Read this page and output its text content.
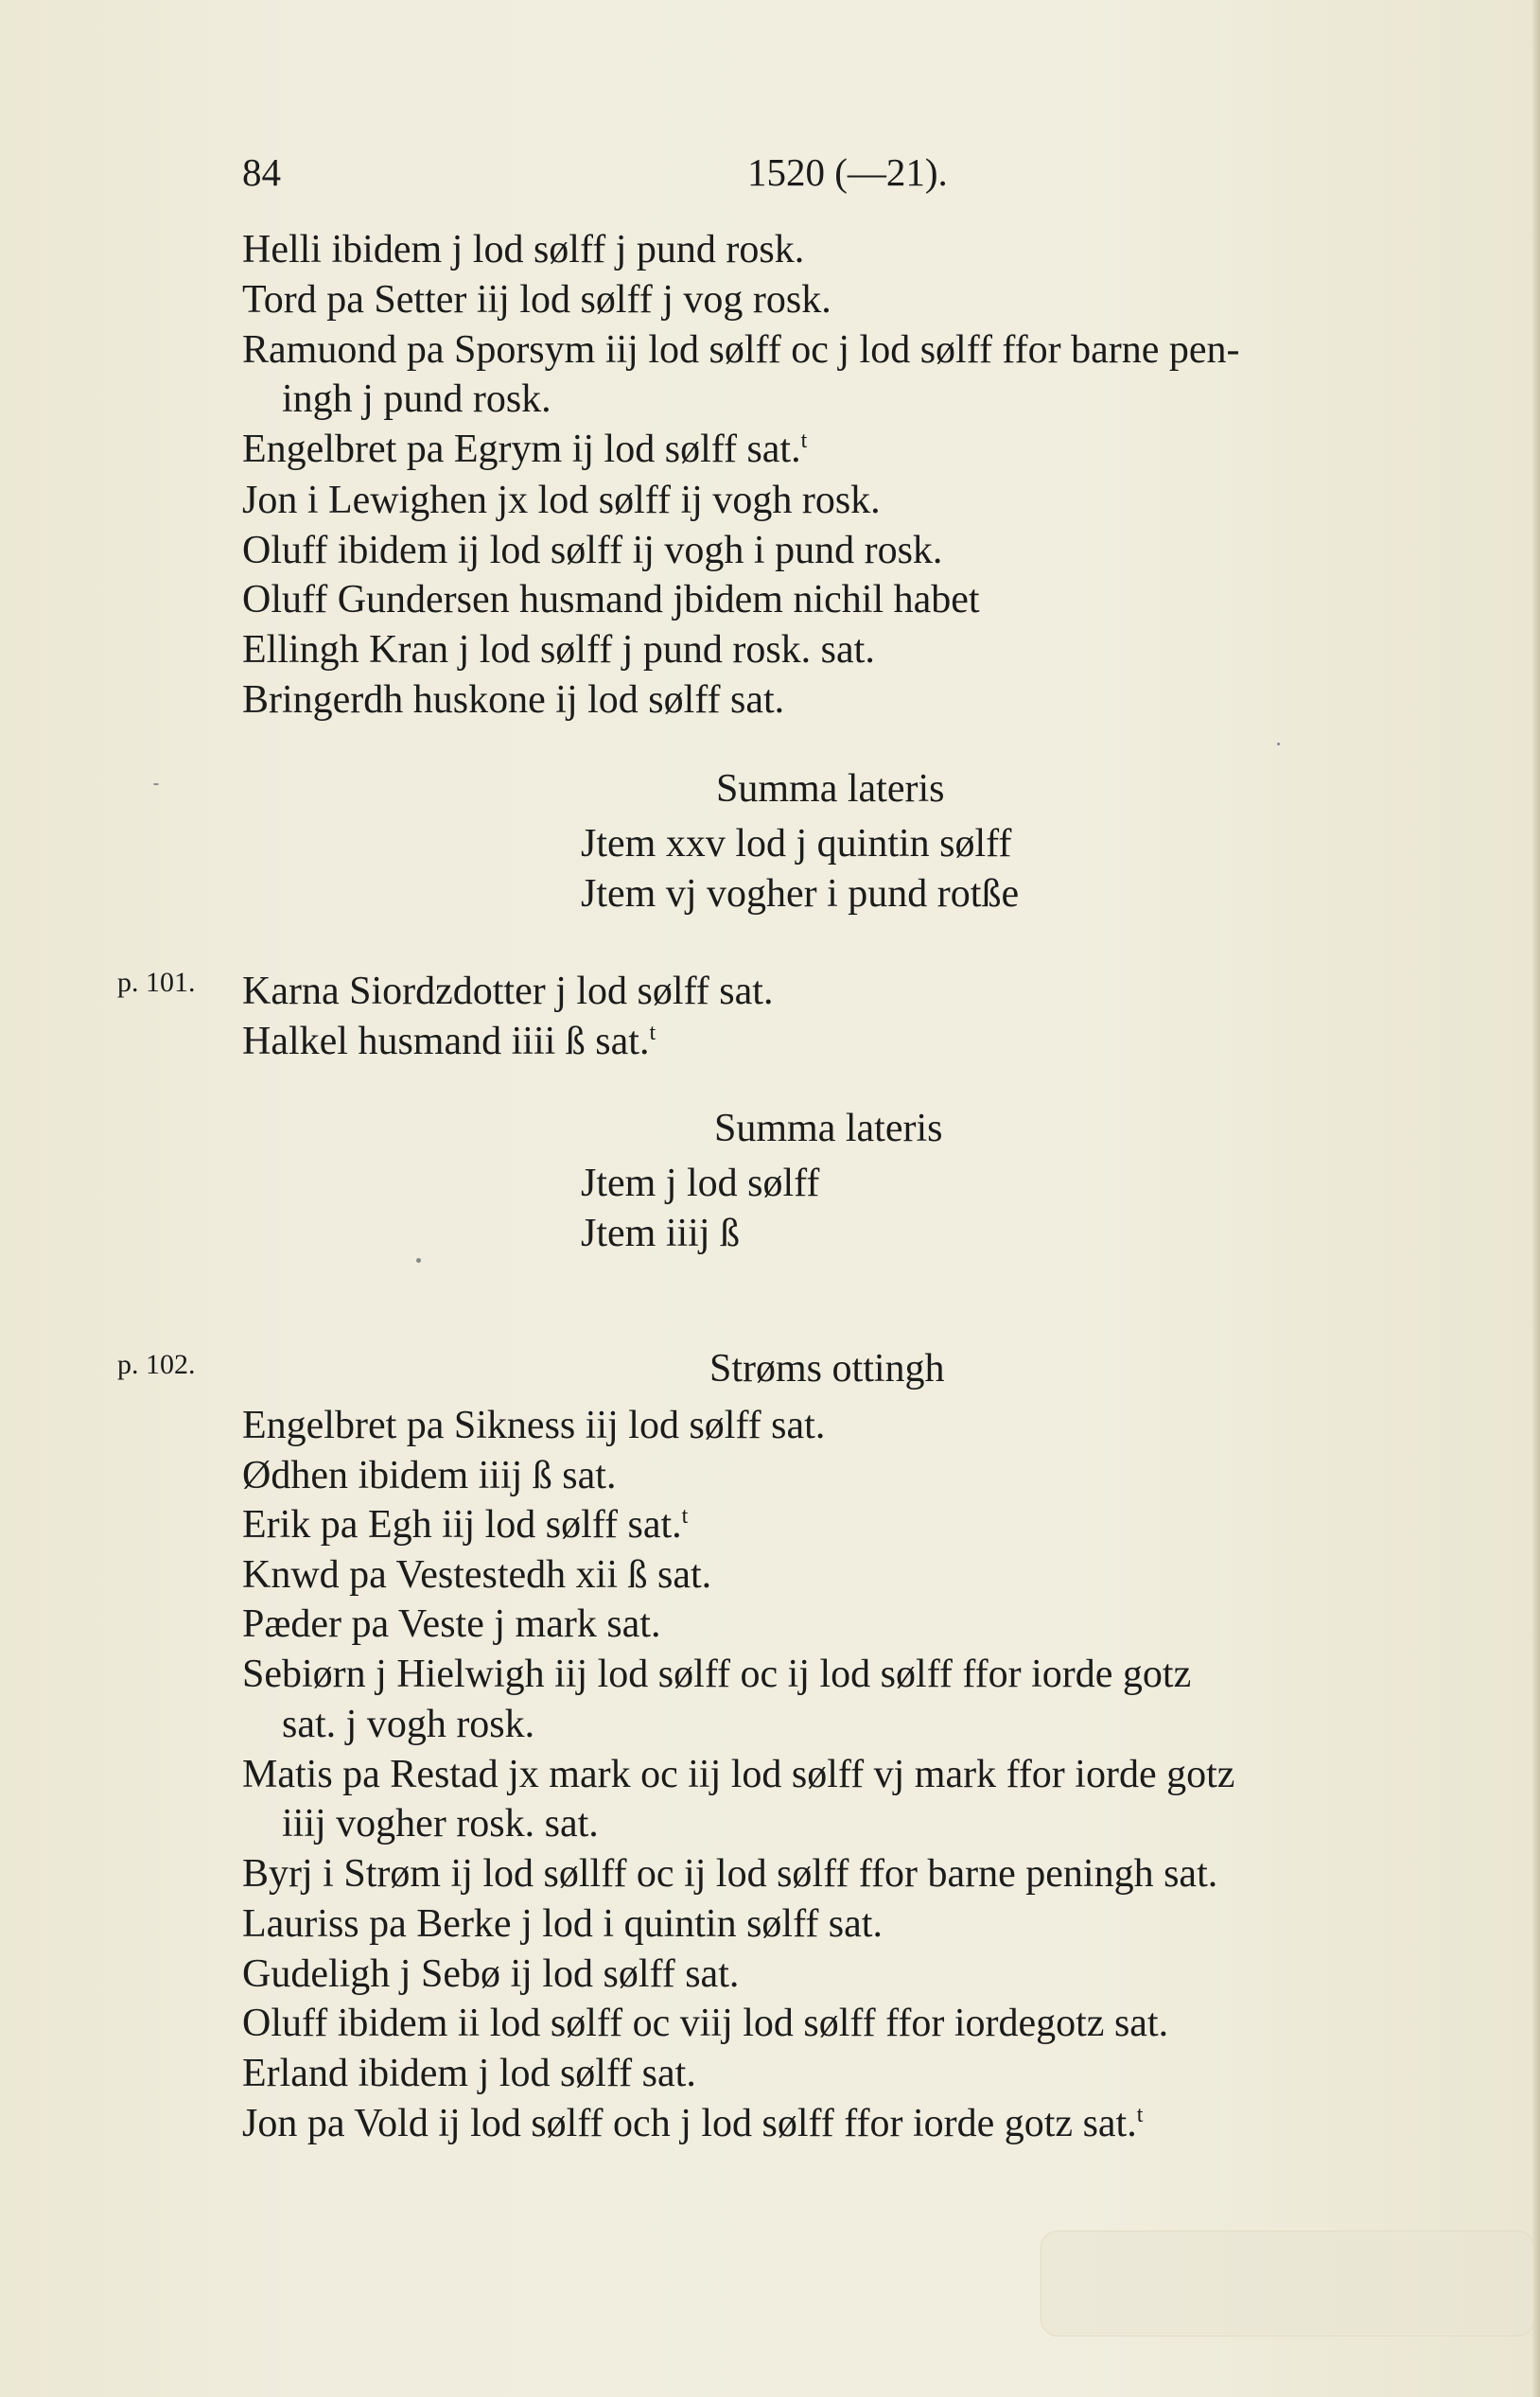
84	1520 (—21).
Helli ibidem j lod sølff j pund rosk.
Tord pa Setter iij lod sølff j vog rosk.
Ramuond pa Sporsym iij lod sølff oc j lod sølff ffor barne pen-
ingh j pund rosk.
Engelbret pa Egrym ij lod sølff sat.$^t$
Jon i Lewighen jx lod sølff ij vogh rosk.
Oluff ibidem ij lod sølff ij vogh i pund rosk.
Oluff Gundersen husmand jbidem nichil habet
Ellingh Kran j lod sølff j pund rosk. sat.
Bringerdh huskone ij lod sølff sat.
Summa lateris
Jtem xxv lod j quintin sølff
Jtem vj vogher i pund rotße
p. 101. Karna Siordzdotter j lod sølff sat.
Halkel husmand iiii ß sat.$^t$
Summa lateris
Jtem j lod sølff
Jtem iiij ß
p. 102.	Strøms ottingh
Engelbret pa Sikness iij lod sølff sat.
Ødhen ibidem iiij ß sat.
Erik pa Egh iij lod sølff sat.$^t$
Knwd pa Vestestedh xii ß sat.
Pæder pa Veste j mark sat.
Sebiørn j Hielwigh iij lod sølff oc ij lod sølff ffor iorde gotz
sat. j vogh rosk.
Matis pa Restad jx mark oc iij lod sølff vj mark ffor iorde gotz
iiij vogher rosk. sat.
Byrj i Strøm ij lod søllff oc ij lod sølff ffor barne peningh sat.
Lauriss pa Berke j lod i quintin sølff sat.
Gudeligh j Sebø ij lod sølff sat.
Oluff ibidem ii lod sølff oc viij lod sølff ffor iordegotz sat.
Erland ibidem j lod sølff sat.
Jon pa Vold ij lod sølff och j lod sølff ffor iorde gotz sat.$^t$
